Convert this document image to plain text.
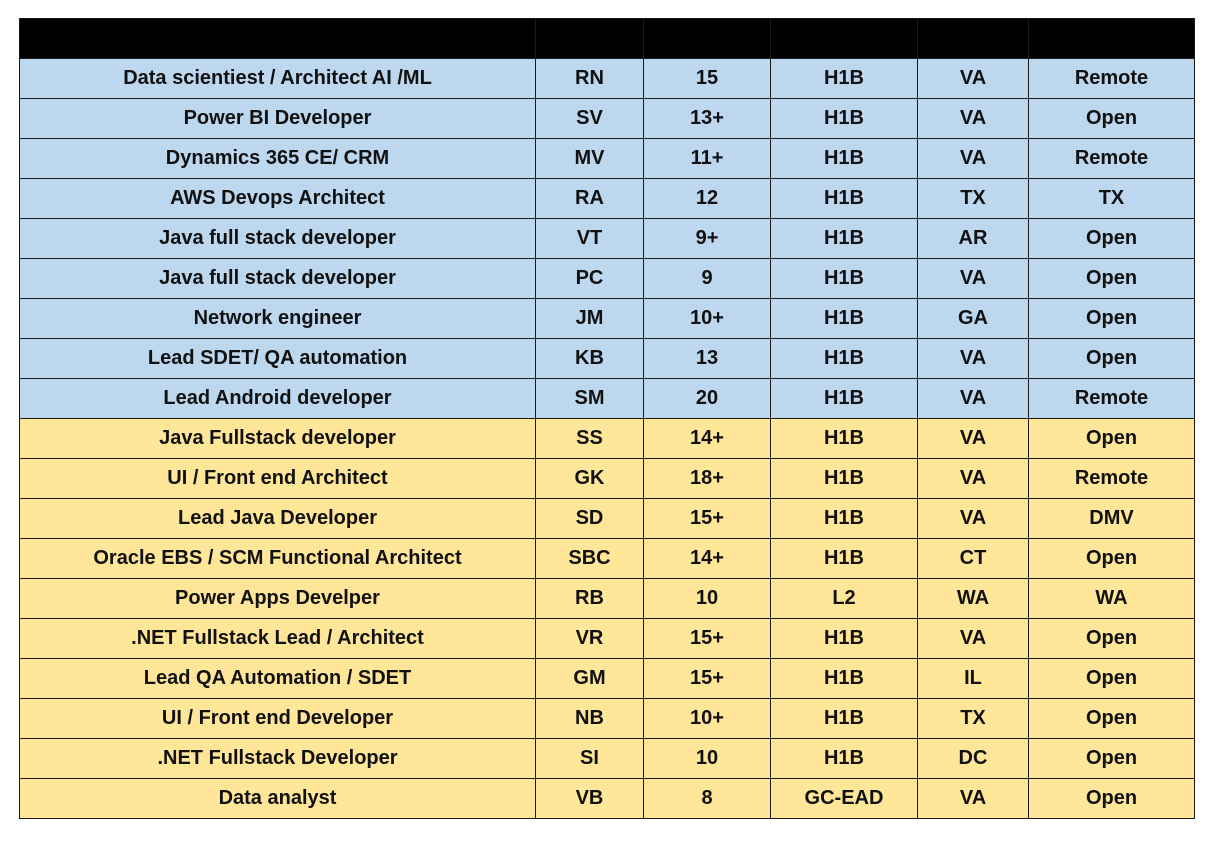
Data scientiest / Architect AI /ML	RN	15	H1B	VA	Remote
Power BI Developer	SV	13+	H1B	VA	Open
Dynamics 365 CE/ CRM	MV	11+	H1B	VA	Remote
AWS Devops Architect	RA	12	H1B	TX	TX
Java full stack developer	VT	9+	H1B	AR	Open
Java full stack developer	PC	9	H1B	VA	Open
Network engineer	JM	10+	H1B	GA	Open
Lead SDET/ QA automation	KB	13	H1B	VA	Open
Lead Android developer	SM	20	H1B	VA	Remote
Java Fullstack developer	SS	14+	H1B	VA	Open
UI / Front end Architect	GK	18+	H1B	VA	Remote
Lead Java Developer	SD	15+	H1B	VA	DMV
Oracle EBS / SCM Functional Architect	SBC	14+	H1B	CT	Open
Power Apps Develper	RB	10	L2	WA	WA
.NET Fullstack Lead / Architect	VR	15+	H1B	VA	Open
Lead QA Automation / SDET	GM	15+	H1B	IL	Open
UI / Front end Developer	NB	10+	H1B	TX	Open
.NET Fullstack Developer	SI	10	H1B	DC	Open
Data analyst	VB	8	GC-EAD	VA	Open
